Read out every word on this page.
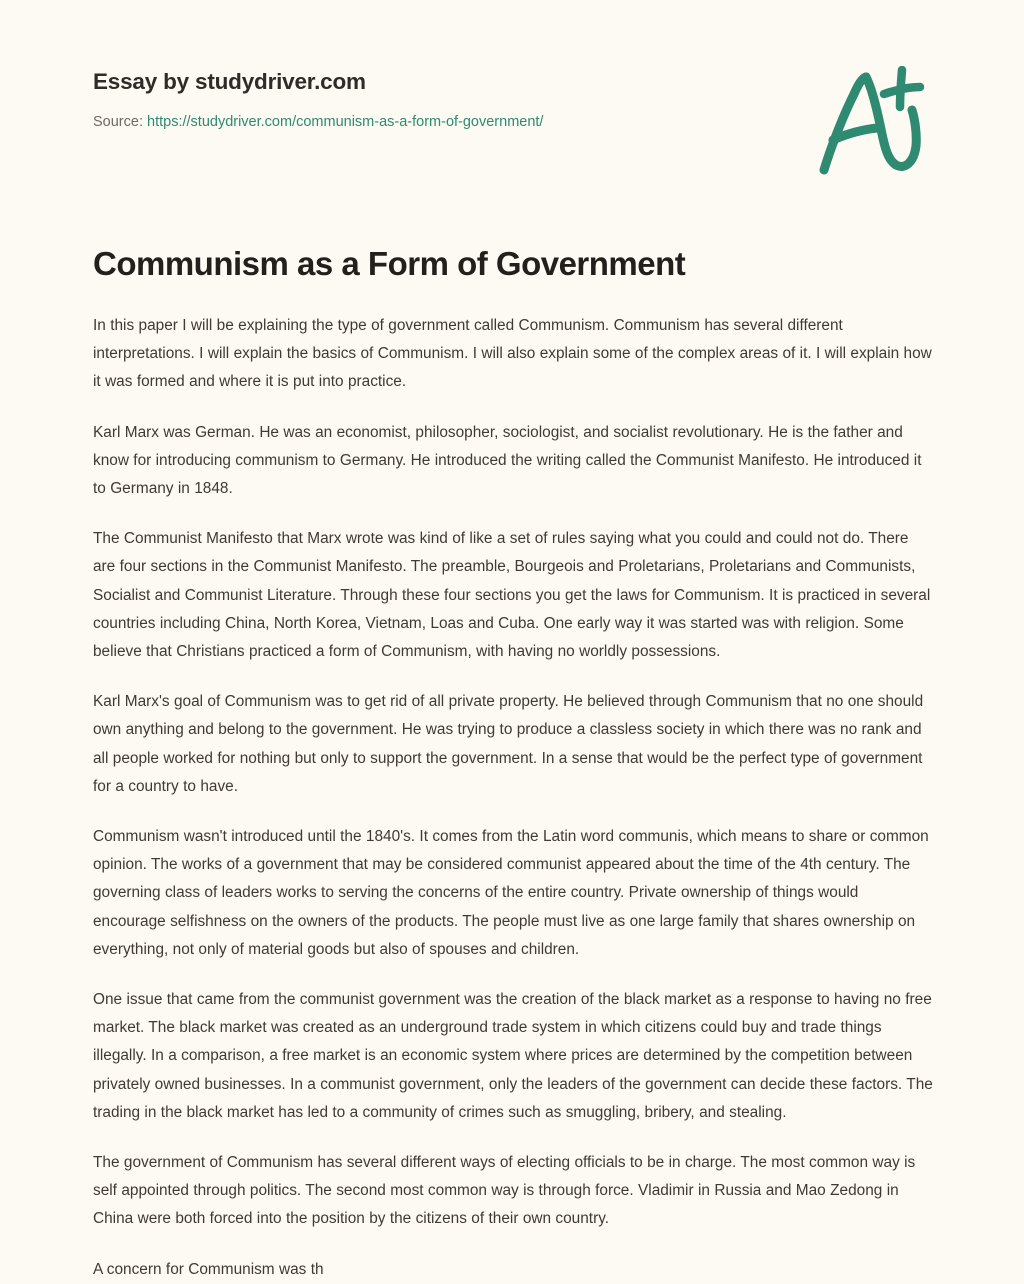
Essay by studydriver.com
Source: https://studydriver.com/communism-as-a-form-of-government/
Communism as a Form of Government

In this paper I will be explaining the type of government called Communism. Communism has several different interpretations. I will explain the basics of Communism. I will also explain some of the complex areas of it. I will explain how it was formed and where it is put into practice.

Karl Marx was German. He was an economist, philosopher, sociologist, and socialist revolutionary. He is the father and know for introducing communism to Germany. He introduced the writing called the Communist Manifesto. He introduced it to Germany in 1848.

The Communist Manifesto that Marx wrote was kind of like a set of rules saying what you could and could not do. There are four sections in the Communist Manifesto. The preamble, Bourgeois and Proletarians, Proletarians and Communists, Socialist and Communist Literature. Through these four sections you get the laws for Communism. It is practiced in several countries including China, North Korea, Vietnam, Loas and Cuba. One early way it was started was with religion. Some believe that Christians practiced a form of Communism, with having no worldly possessions.

Karl Marx's goal of Communism was to get rid of all private property. He believed through Communism that no one should own anything and belong to the government. He was trying to produce a classless society in which there was no rank and all people worked for nothing but only to support the government. In a sense that would be the perfect type of government for a country to have.

Communism wasn't introduced until the 1840's. It comes from the Latin word communis, which means to share or common opinion. The works of a government that may be considered communist appeared about the time of the 4th century. The governing class of leaders works to serving the concerns of the entire country. Private ownership of things would encourage selfishness on the owners of the products. The people must live as one large family that shares ownership on everything, not only of material goods but also of spouses and children.

One issue that came from the communist government was the creation of the black market as a response to having no free market. The black market was created as an underground trade system in which citizens could buy and trade things illegally. In a comparison, a free market is an economic system where prices are determined by the competition between privately owned businesses. In a communist government, only the leaders of the government can decide these factors. The trading in the black market has led to a community of crimes such as smuggling, bribery, and stealing.

The government of Communism has several different ways of electing officials to be in charge. The most common way is self appointed through politics. The second most common way is through force. Vladimir in Russia and Mao Zedong in China were both forced into the position by the citizens of their own country.

A concern for Communism was th
